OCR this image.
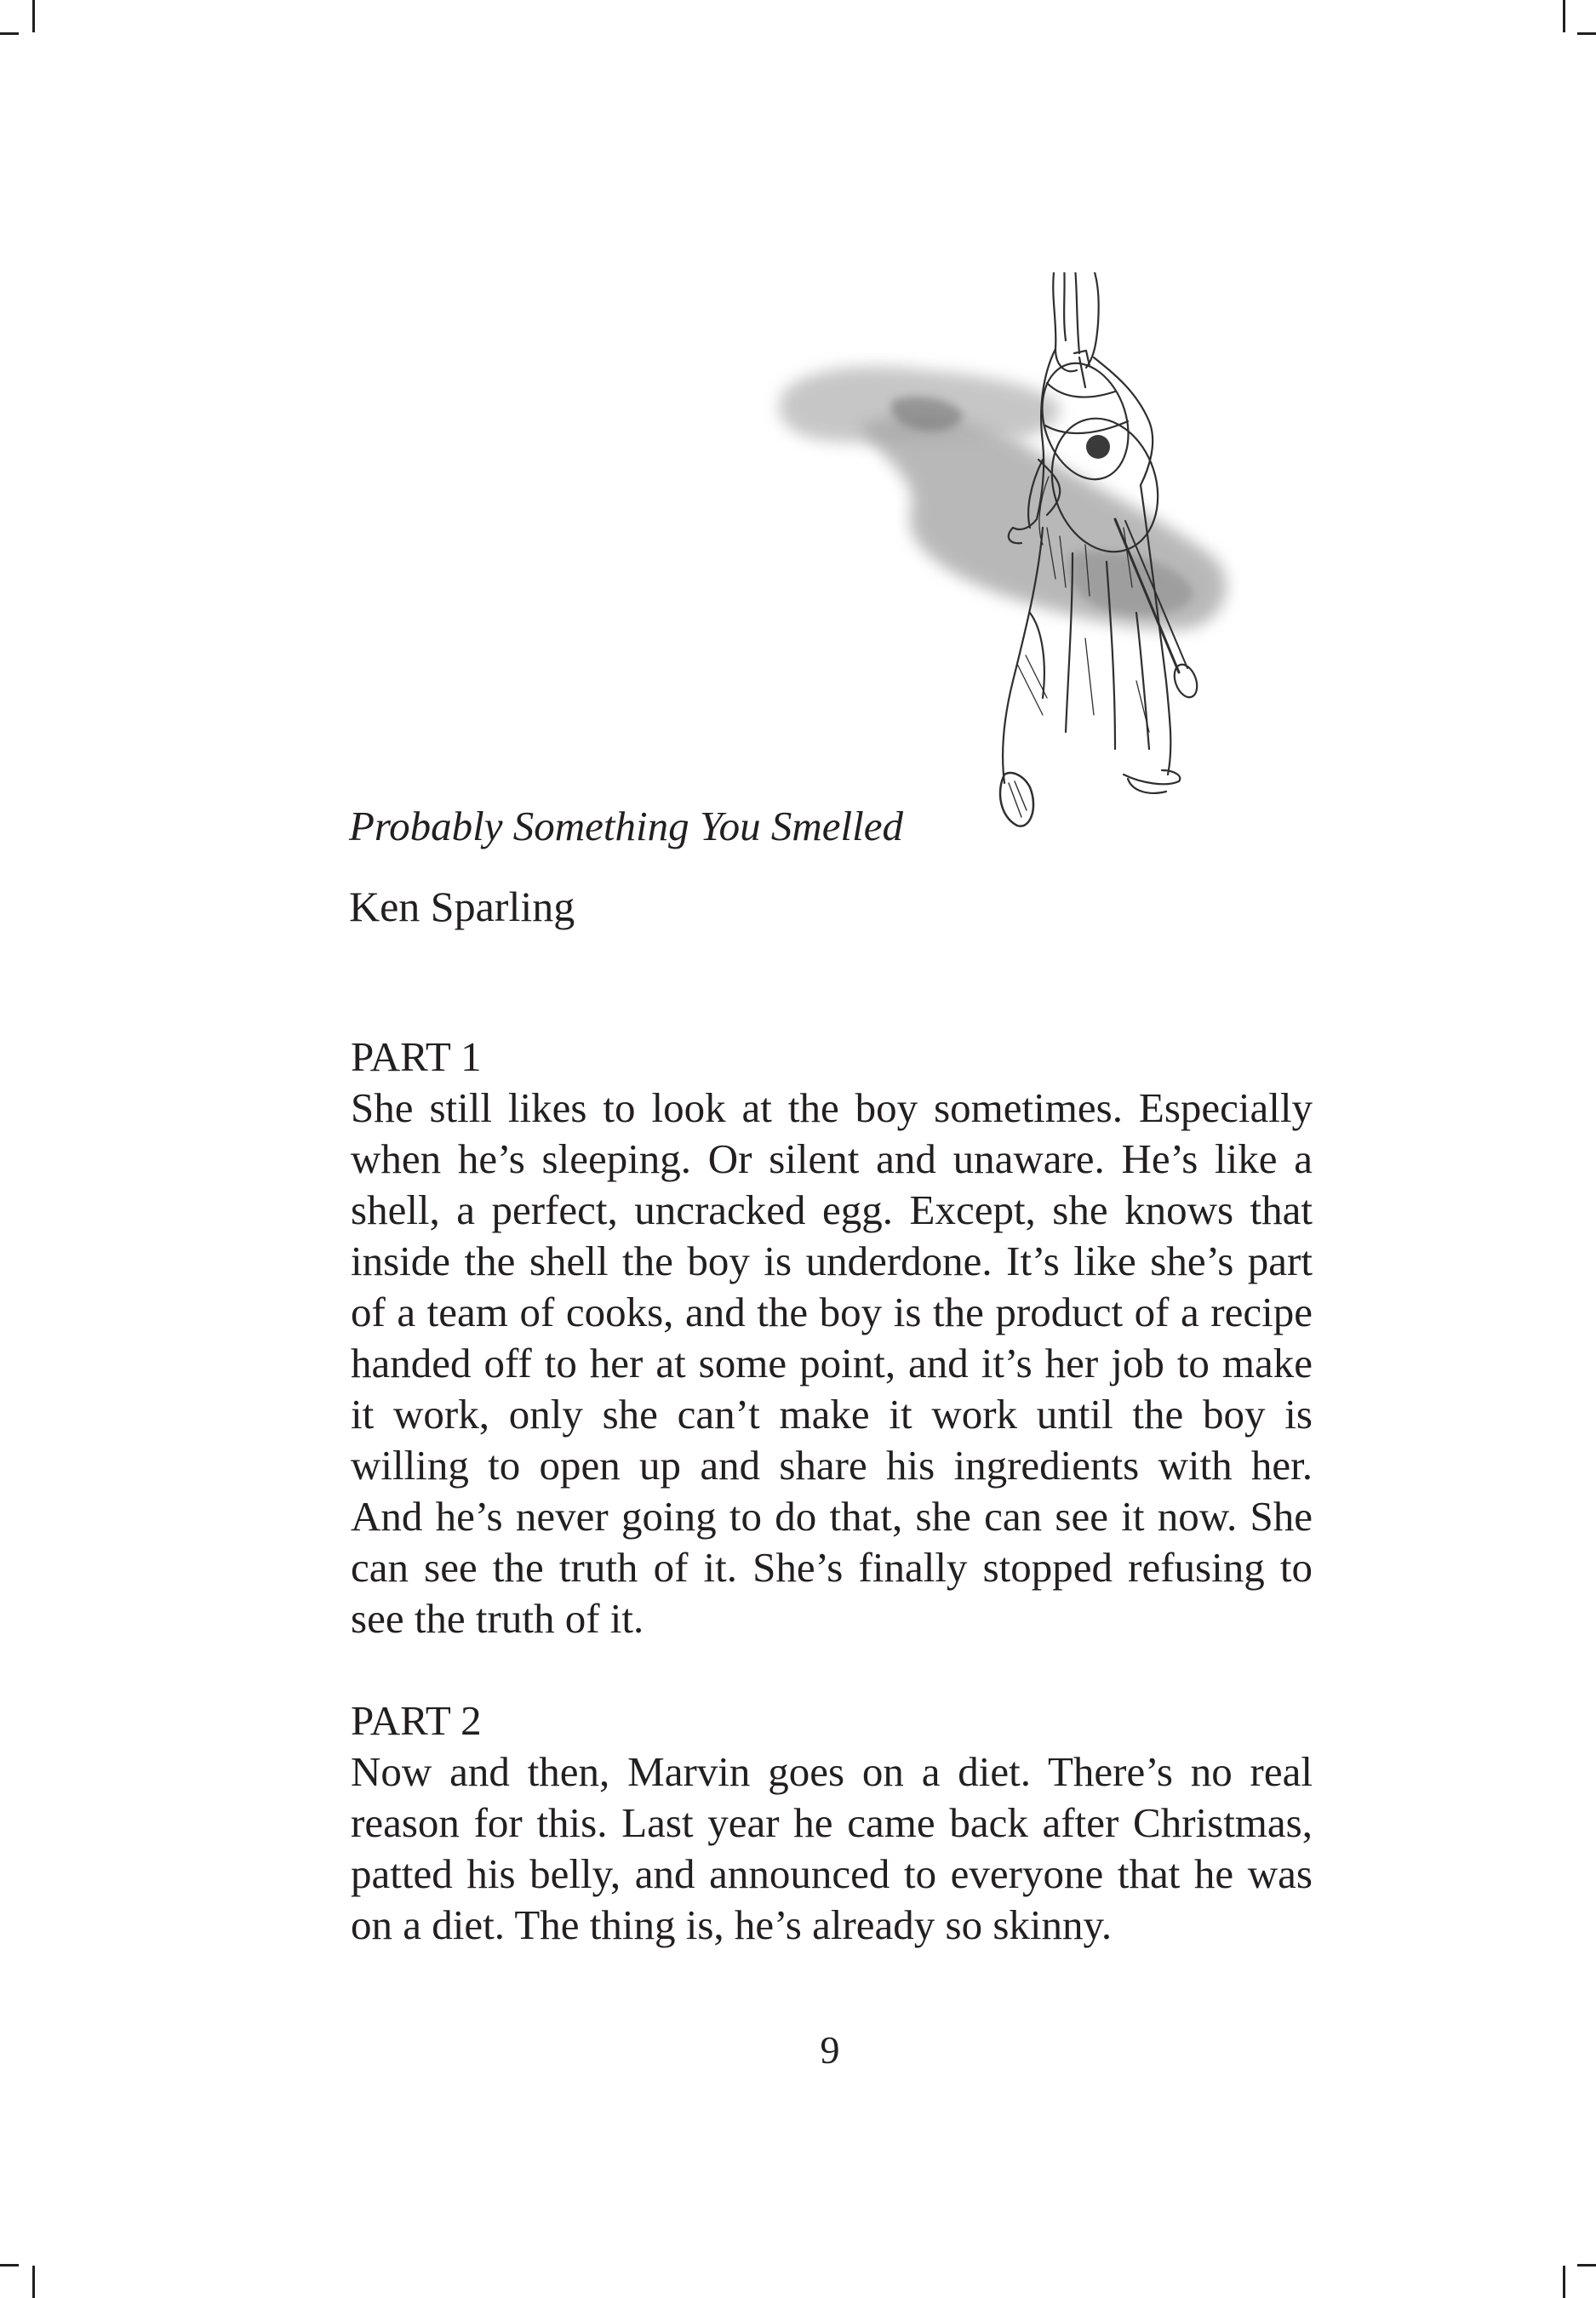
Probably Something You Smelled

Ken Sparling

PART 1

She still likes to look at the boy sometimes. Especially when he’s sleeping. Or silent and unaware. He’s like a shell, a perfect, uncracked egg. Except, she knows that inside the shell the boy is underdone. It’s like she’s part of a team of cooks, and the boy is the product of a recipe handed off to her at some point, and it’s her job to make it work, only she can’t make it work until the boy is willing to open up and share his ingredients with her. And he’s never going to do that, she can see it now. She can see the truth of it. She’s finally stopped refusing to see the truth of it.

PART 2

Now and then, Marvin goes on a diet. There’s no real reason for this. Last year he came back after Christmas, patted his belly, and announced to everyone that he was on a diet. The thing is, he’s already so skinny.

9
